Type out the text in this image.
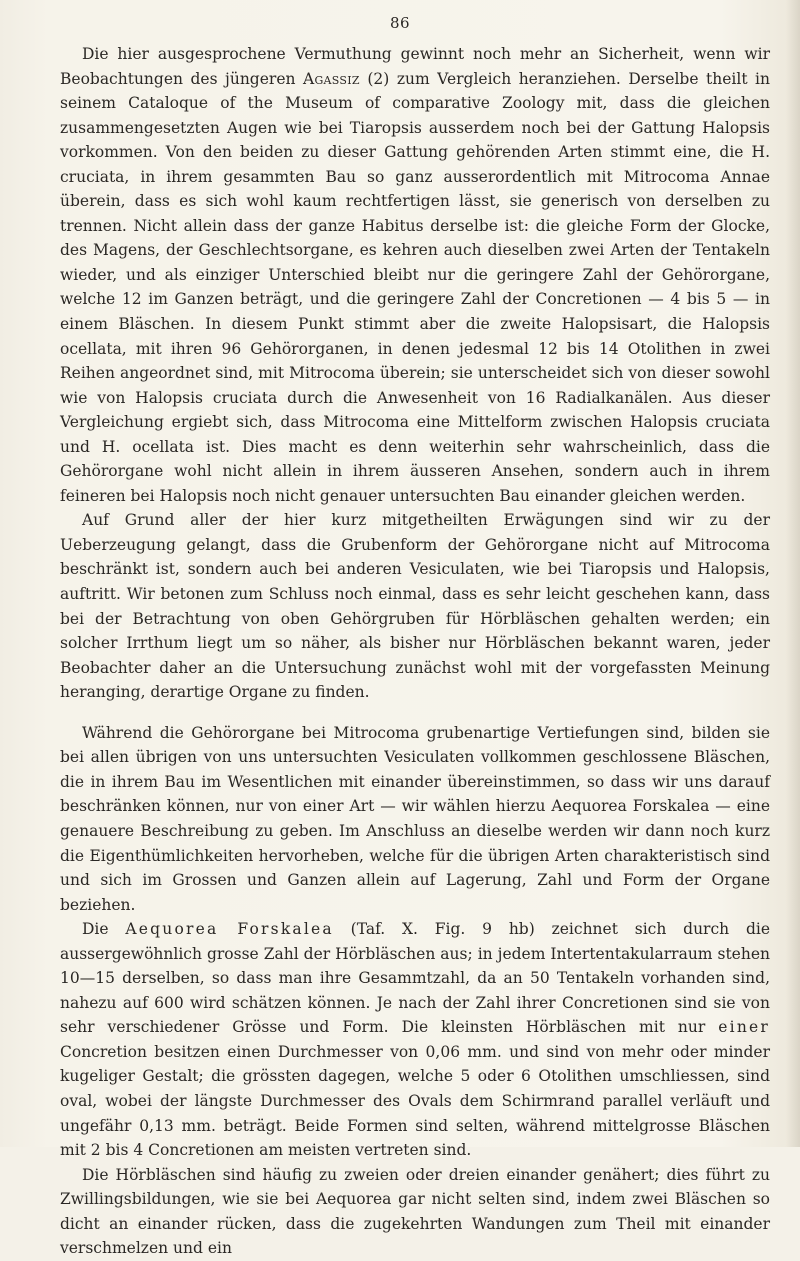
86

Die hier ausgesprochene Vermuthung gewinnt noch mehr an Sicherheit, wenn wir Beobachtungen des jüngeren Agassiz (2) zum Vergleich heranziehen. Derselbe theilt in seinem Cataloque of the Museum of comparative Zoology mit, dass die gleichen zusammengesetzten Augen wie bei Tiaropsis ausserdem noch bei der Gattung Halopsis vorkommen. Von den beiden zu dieser Gattung gehörenden Arten stimmt eine, die H. cruciata, in ihrem gesammten Bau so ganz ausserordentlich mit Mitrocoma Annae überein, dass es sich wohl kaum rechtfertigen lässt, sie generisch von derselben zu trennen. Nicht allein dass der ganze Habitus derselbe ist: die gleiche Form der Glocke, des Magens, der Geschlechtsorgane, es kehren auch dieselben zwei Arten der Tentakeln wieder, und als einziger Unterschied bleibt nur die geringere Zahl der Gehörorgane, welche 12 im Ganzen beträgt, und die geringere Zahl der Concretionen — 4 bis 5 — in einem Bläschen. In diesem Punkt stimmt aber die zweite Halopsisart, die Halopsis ocellata, mit ihren 96 Gehörorganen, in denen jedesmal 12 bis 14 Otolithen in zwei Reihen angeordnet sind, mit Mitrocoma überein; sie unterscheidet sich von dieser sowohl wie von Halopsis cruciata durch die Anwesenheit von 16 Radialkanälen. Aus dieser Vergleichung ergiebt sich, dass Mitrocoma eine Mittelform zwischen Halopsis cruciata und H. ocellata ist. Dies macht es denn weiterhin sehr wahrscheinlich, dass die Gehörorgane wohl nicht allein in ihrem äusseren Ansehen, sondern auch in ihrem feineren bei Halopsis noch nicht genauer untersuchten Bau einander gleichen werden.

Auf Grund aller der hier kurz mitgetheilten Erwägungen sind wir zu der Ueberzeugung gelangt, dass die Grubenform der Gehörorgane nicht auf Mitrocoma beschränkt ist, sondern auch bei anderen Vesiculaten, wie bei Tiaropsis und Halopsis, auftritt. Wir betonen zum Schluss noch einmal, dass es sehr leicht geschehen kann, dass bei der Betrachtung von oben Gehörgruben für Hörbläschen gehalten werden; ein solcher Irrthum liegt um so näher, als bisher nur Hörbläschen bekannt waren, jeder Beobachter daher an die Untersuchung zunächst wohl mit der vorgefassten Meinung heranging, derartige Organe zu finden.

Während die Gehörorgane bei Mitrocoma grubenartige Vertiefungen sind, bilden sie bei allen übrigen von uns untersuchten Vesiculaten vollkommen geschlossene Bläschen, die in ihrem Bau im Wesentlichen mit einander übereinstimmen, so dass wir uns darauf beschränken können, nur von einer Art — wir wählen hierzu Aequorea Forskalea — eine genauere Beschreibung zu geben. Im Anschluss an dieselbe werden wir dann noch kurz die Eigenthümlichkeiten hervorheben, welche für die übrigen Arten charakteristisch sind und sich im Grossen und Ganzen allein auf Lagerung, Zahl und Form der Organe beziehen.

Die Aequorea Forskalea (Taf. X. Fig. 9 hb) zeichnet sich durch die aussergewöhnlich grosse Zahl der Hörbläschen aus; in jedem Intertentakularraum stehen 10—15 derselben, so dass man ihre Gesammtzahl, da an 50 Tentakeln vorhanden sind, nahezu auf 600 wird schätzen können. Je nach der Zahl ihrer Concretionen sind sie von sehr verschiedener Grösse und Form. Die kleinsten Hörbläschen mit nur einer Concretion besitzen einen Durchmesser von 0,06 mm. und sind von mehr oder minder kugeliger Gestalt; die grössten dagegen, welche 5 oder 6 Otolithen umschliessen, sind oval, wobei der längste Durchmesser des Ovals dem Schirmrand parallel verläuft und ungefähr 0,13 mm. beträgt. Beide Formen sind selten, während mittelgrosse Bläschen mit 2 bis 4 Concretionen am meisten vertreten sind.

Die Hörbläschen sind häufig zu zweien oder dreien einander genähert; dies führt zu Zwillingsbildungen, wie sie bei Aequorea gar nicht selten sind, indem zwei Bläschen so dicht an einander rücken, dass die zugekehrten Wandungen zum Theil mit einander verschmelzen und ein
